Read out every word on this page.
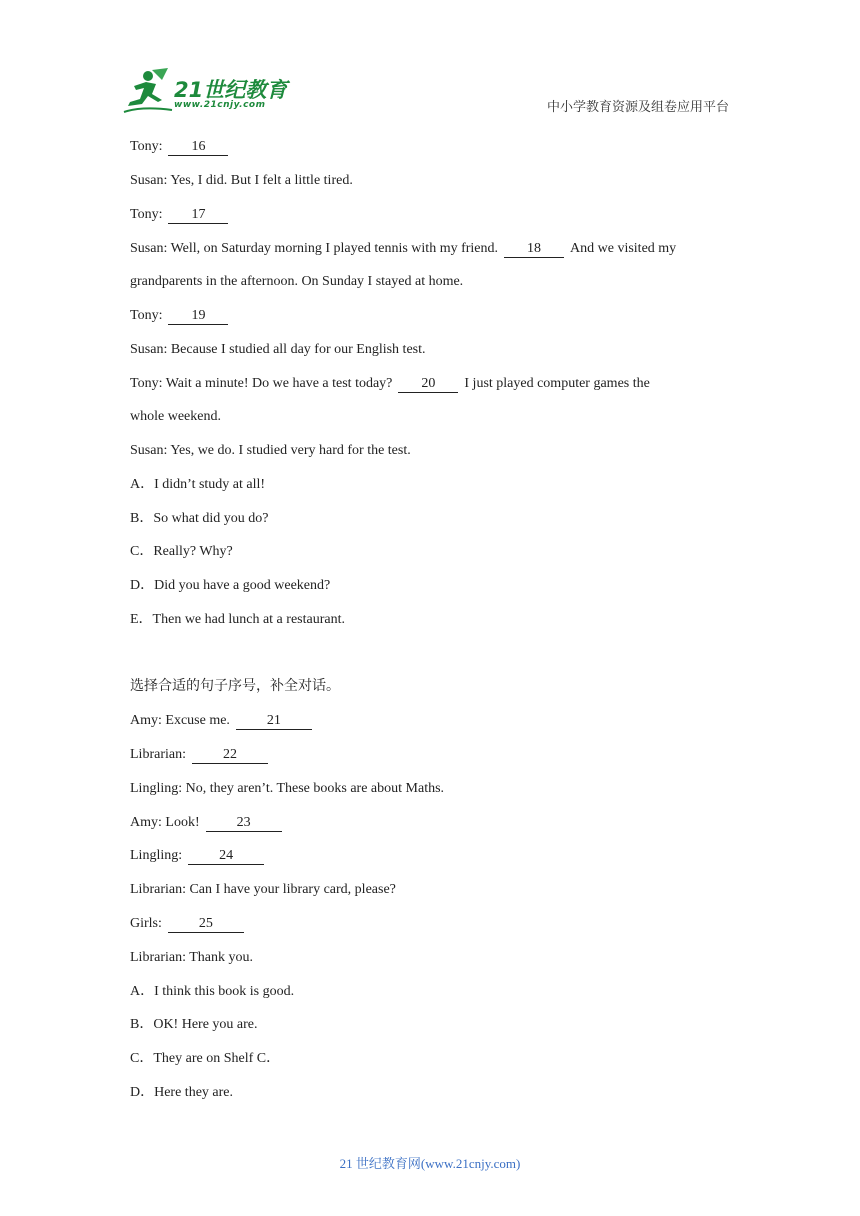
21世纪教育
www.21cnjy.com	中小学教育资源及组卷应用平台
Tony: 16
Susan: Yes, I did. But I felt a little tired.
Tony: 17
Susan: Well, on Saturday morning I played tennis with my friend. 18 And we visited my
grandparents in the afternoon. On Sunday I stayed at home.
Tony: 19
Susan: Because I studied all day for our English test.
Tony: Wait a minute! Do we have a test today? 20 I just played computer games the
whole weekend.
Susan: Yes, we do. I studied very hard for the test.
A．I didn’t study at all!
B．So what did you do?
C．Really? Why?
D．Did you have a good weekend?
E．Then we had lunch at a restaurant.
选择合适的句子序号，补全对话。
Amy: Excuse me.	21
Librarian:	22
Lingling: No, they aren’t. These books are about Maths.
Amy: Look!	23
Lingling:	24
Librarian: Can I have your library card, please?
Girls:	25
Librarian: Thank you.
A．I think this book is good.
B．OK! Here you are.
C．They are on Shelf C．
D．Here they are.
21 世纪教育网(www.21cnjy.com)
